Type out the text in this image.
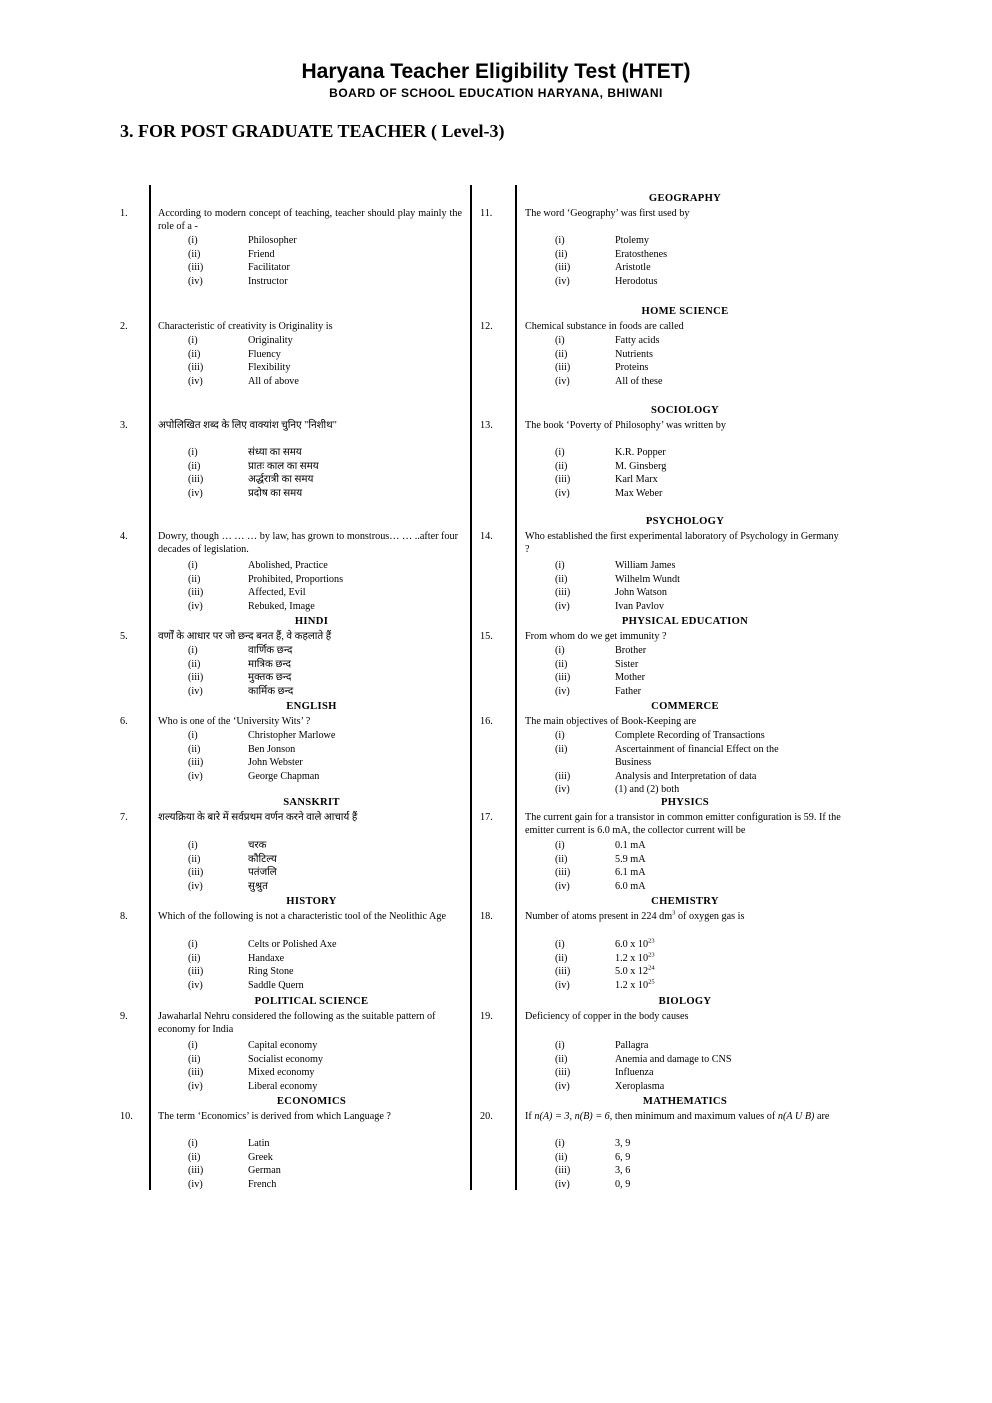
Haryana Teacher Eligibility Test (HTET)
BOARD OF SCHOOL EDUCATION HARYANA, BHIWANI
3. FOR POST GRADUATE TEACHER ( Level-3)
1.	According to modern concept of teaching, teacher should play mainly the role of a -
(i)	Philosopher
(ii)	Friend
(iii)	Facilitator
(iv)	Instructor
2.	Characteristic of creativity is Originality is
(i)	Originality
(ii)	Fluency
(iii)	Flexibility
(iv)	All of above
3.	अपोलिखित शब्द के लिए वाक्यांश चुनिए "निशीथ"
(i)	संध्या का समय
(ii)	प्रातः काल का समय
(iii)	अर्द्धरात्री का समय
(iv)	प्रदोष का समय
4.	Dowry, though … … … by law, has grown to monstrous… … ..after four decades of legislation.
(i)	Abolished, Practice
(ii)	Prohibited, Proportions
(iii)	Affected, Evil
(iv)	Rebuked, Image
HINDI
5.	वर्णों के आधार पर जो छन्द बनत हैं, वे कहलाते हैं
(i)	वार्णिक छन्द
(ii)	मात्रिक छन्द
(iii)	मुक्तक छन्द
(iv)	कार्मिक छन्द
ENGLISH
6.	Who is one of the ‘University Wits’ ?
(i)	Christopher Marlowe
(ii)	Ben Jonson
(iii)	John Webster
(iv)	George Chapman
SANSKRIT
7.	शल्यक्रिया के बारे में सर्वप्रथम वर्णन करने वाले आचार्य हैं
(i)	चरक
(ii)	कौटिल्य
(iii)	पतंजलि
(iv)	सुश्रुत
HISTORY
8.	Which of the following is not a characteristic tool of the Neolithic Age
(i)	Celts or Polished Axe
(ii)	Handaxe
(iii)	Ring Stone
(iv)	Saddle Quern
POLITICAL SCIENCE
9.	Jawaharlal Nehru considered the following as the suitable pattern of economy for India
(i)	Capital economy
(ii)	Socialist economy
(iii)	Mixed economy
(iv)	Liberal economy
ECONOMICS
10. The term ‘Economics’ is derived from which Language ?
(i)	Latin
(ii)	Greek
(iii)	German
(iv)	French
GEOGRAPHY
11.	The word ‘Geography’ was first used by
(i)	Ptolemy
(ii)	Eratosthenes
(iii)	Aristotle
(iv)	Herodotus
HOME SCIENCE
12.	Chemical substance in foods are called
(i)	Fatty acids
(ii)	Nutrients
(iii)	Proteins
(iv)	All of these
SOCIOLOGY
13.	The book ‘Poverty of Philosophy’ was written by
(i)	K.R. Popper
(ii)	M. Ginsberg
(iii)	Karl Marx
(iv)	Max Weber
PSYCHOLOGY
14.	Who established the first experimental laboratory of Psychology in Germany ?
(i)	William James
(ii)	Wilhelm Wundt
(iii)	John Watson
(iv)	Ivan Pavlov
PHYSICAL EDUCATION
15.	From whom do we get immunity ?
(i)	Brother
(ii)	Sister
(iii)	Mother
(iv)	Father
COMMERCE
16.	The main objectives of Book-Keeping are
(i)	Complete Recording of Transactions
(ii)	Ascertainment of financial Effect on the Business
(iii)	Analysis and Interpretation of data
(iv)	(1) and (2) both
PHYSICS
17.	The current gain for a transistor in common emitter configuration is 59. If the emitter current is 6.0 mA, the collector current will be
(i)	0.1 mA
(ii)	5.9 mA
(iii)	6.1 mA
(iv)	6.0 mA
CHEMISTRY
18.	Number of atoms present in 224 $dm^3$ of oxygen gas is
(i)	6.0 x $10^{23}$
(ii)	1.2 x $10^{23}$
(iii)	5.0 x $12^{24}$
(iv)	1.2 x $10^{25}$
BIOLOGY
19.	Deficiency of copper in the body causes
(i)	Pallagra
(ii)	Anemia and damage to CNS
(iii)	Influenza
(iv)	Xeroplasma
MATHEMATICS
20.	If n(A) = 3, n(B) = 6, then minimum and maximum values of n(A U B) are
(i)	3, 9
(ii)	6, 9
(iii)	3, 6
(iv)	0, 9
